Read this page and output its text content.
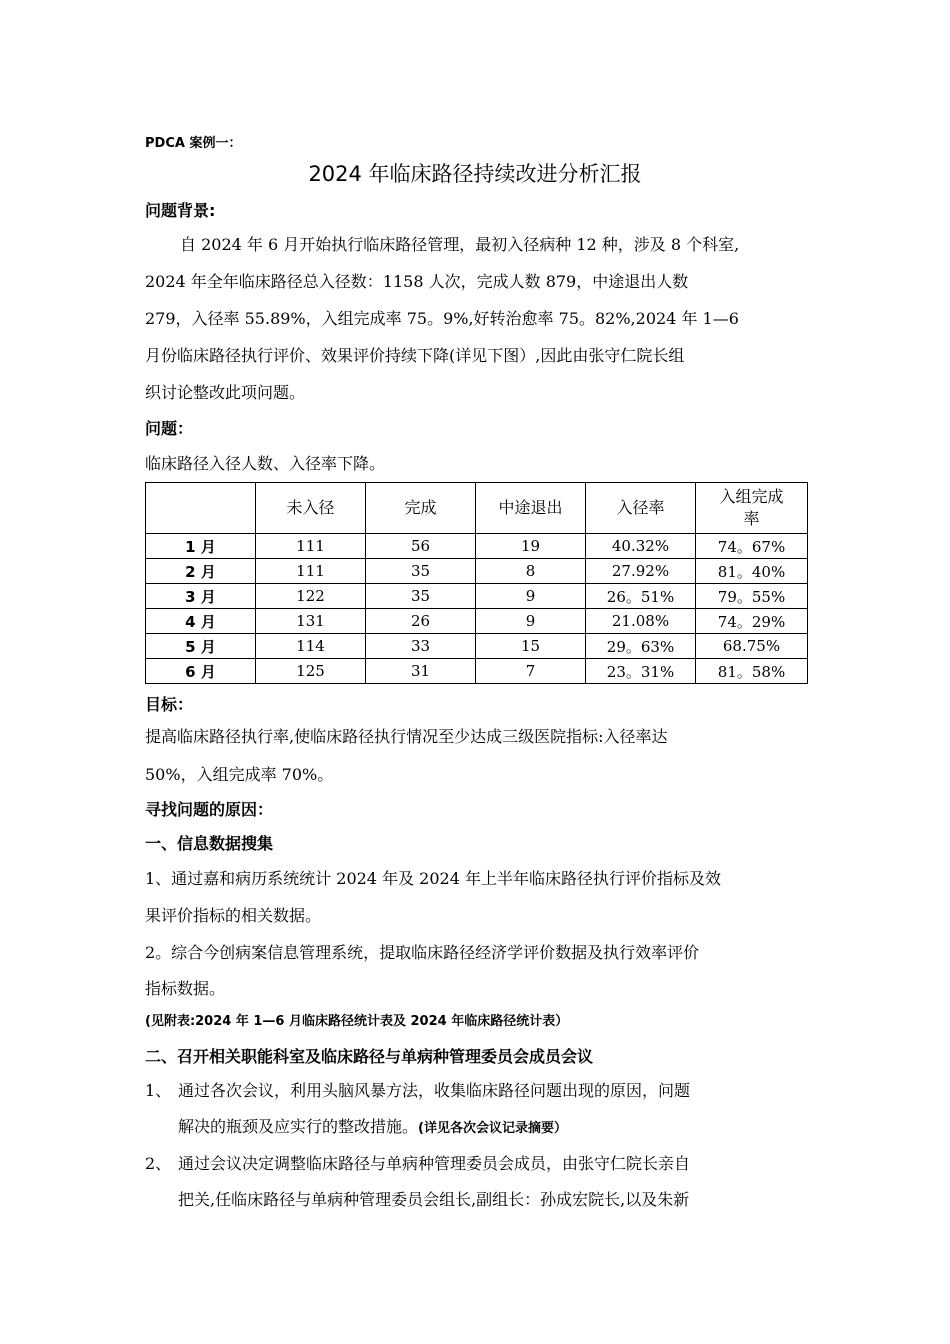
PDCA 案例一：
2024 年临床路径持续改进分析汇报
问题背景:
自 2024 年 6 月开始执行临床路径管理，最初入径病种 12 种，涉及 8 个科室,
2024 年全年临床路径总入径数：1158 人次，完成人数 879，中途退出人数
279，入径率 55.89%，入组完成率 75。9%,好转治愈率 75。82%,2024 年 1—6
月份临床路径执行评价、效果评价持续下降(详见下图）,因此由张守仁院长组
织讨论整改此项问题。
问题：
临床路径入径人数、入径率下降。
	未入径	完成	中途退出	入径率	入组完成
率
1 月	111	56	19	40.32%	74。67%
2 月	111	35	8	27.92%	81。40%
3 月	122	35	9	26。51%	79。55%
4 月	131	26	9	21.08%	74。29%
5 月	114	33	15	29。63%	68.75%
6 月	125	31	7	23。31%	81。58%
目标：
提高临床路径执行率,使临床路径执行情况至少达成三级医院指标:入径率达
50%，入组完成率 70%。
寻找问题的原因：
一、信息数据搜集
1、通过嘉和病历系统统计 2024 年及 2024 年上半年临床路径执行评价指标及效
果评价指标的相关数据。
2。综合今创病案信息管理系统，提取临床路径经济学评价数据及执行效率评价
指标数据。
(见附表:2024 年 1—6 月临床路径统计表及 2024 年临床路径统计表）
二、召开相关职能科室及临床路径与单病种管理委员会成员会议
1、 通过各次会议，利用头脑风暴方法，收集临床路径问题出现的原因，问题
解决的瓶颈及应实行的整改措施。(详见各次会议记录摘要）
2、 通过会议决定调整临床路径与单病种管理委员会成员，由张守仁院长亲自
把关,任临床路径与单病种管理委员会组长,副组长：孙成宏院长,以及朱新
